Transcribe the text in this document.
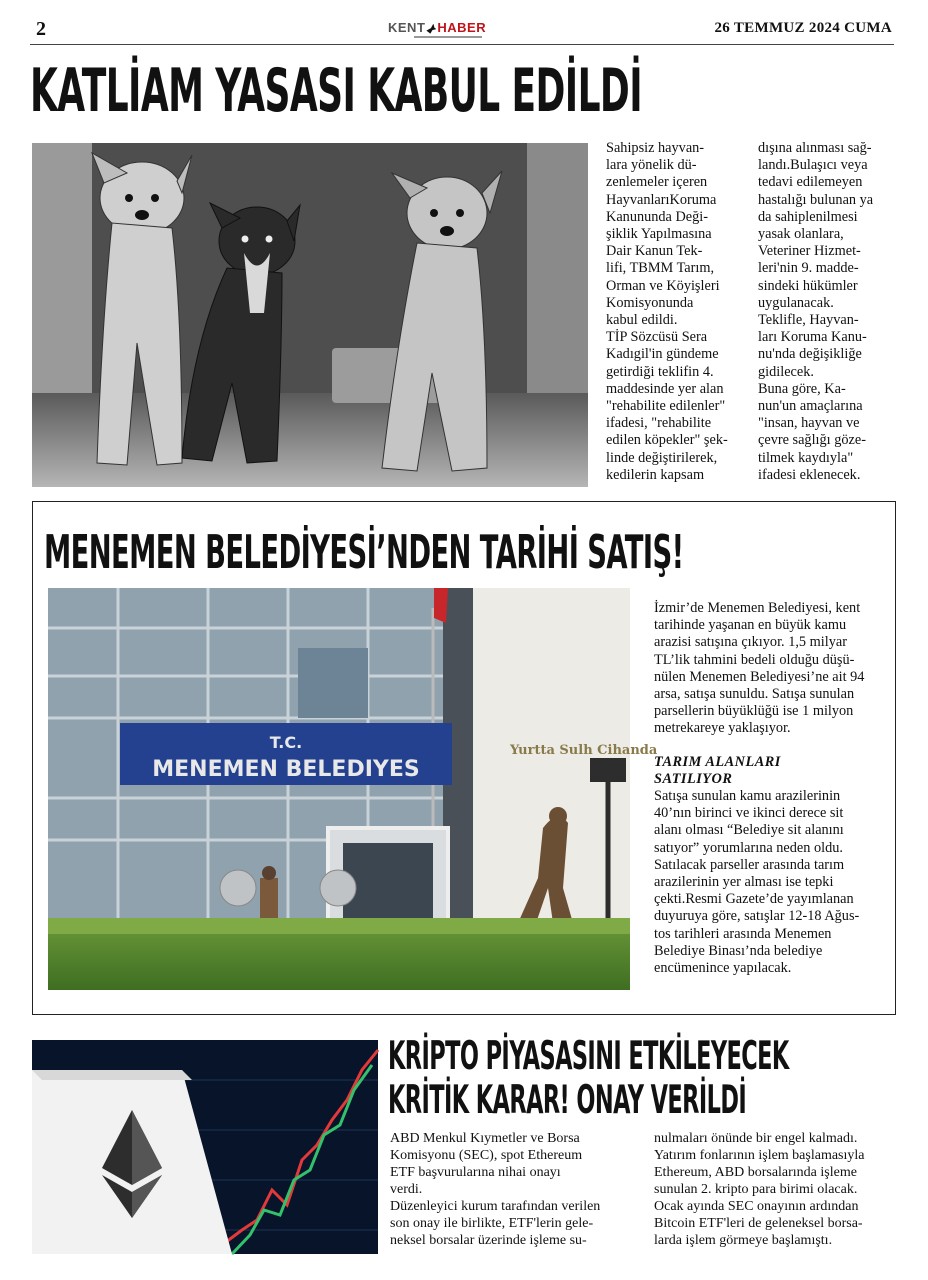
2	KENT HABER	26 TEMMUZ 2024 CUMA
KATLİAM YASASI KABUL EDİLDİ

Sahipsiz hayvan-

lara yönelik dü-

zenlemeler içeren

HayvanlarıKoruma

Kanununda Deği-

şiklik Yapılmasına

Dair Kanun Tek-

lifi, TBMM Tarım,

Orman ve Köyişleri

Komisyonunda

kabul edildi.

TİP Sözcüsü Sera

Kadıgil'in gündeme

getirdiği teklifin 4.

maddesinde yer alan

"rehabilite edilenler"

ifadesi, "rehabilite

edilen köpekler" şek-

linde değiştirilerek,

kedilerin kapsam

dışına alınması sağ-

landı.Bulaşıcı veya

tedavi edilemeyen

hastalığı bulunan ya

da sahiplenilmesi

yasak olanlara,

Veteriner Hizmet-

leri'nin 9. madde-

sindeki hükümler

uygulanacak.

Teklifle, Hayvan-

ları Koruma Kanu-

nu'nda değişikliğe

gidilecek.

Buna göre, Ka-

nun'un amaçlarına

"insan, hayvan ve

çevre sağlığı göze-

tilmek kaydıyla"

ifadesi eklenecek.

MENEMEN BELEDİYESİ’NDEN TARİHİ SATIŞ!
T.C.
MENEMEN BELEDIYES
Yurtta Sulh Cihanda

İzmir’de Menemen Belediyesi, kent

tarihinde yaşanan en büyük kamu

arazisi satışına çıkıyor. 1,5 milyar

TL’lik tahmini bedeli olduğu düşü-

nülen Menemen Belediyesi’ne ait 94

arsa, satışa sunuldu. Satışa sunulan

parsellerin büyüklüğü ise 1 milyon

metrekareye yaklaşıyor.

TARIM ALANLARI

SATILIYOR

Satışa sunulan kamu arazilerinin

40’nın birinci ve ikinci derece sit

alanı olması “Belediye sit alanını

satıyor” yorumlarına neden oldu.

Satılacak parseller arasında tarım

arazilerinin yer alması ise tepki

çekti.Resmi Gazete’de yayımlanan

duyuruya göre, satışlar 12-18 Ağus-

tos tarihleri arasında Menemen

Belediye Binası’nda belediye

encümenince yapılacak.

KRİPTO PİYASASINI ETKİLEYECEK
KRİTİK KARAR! ONAY VERİLDİ

ABD Menkul Kıymetler ve Borsa

Komisyonu (SEC), spot Ethereum

ETF başvurularına nihai onayı

verdi.

Düzenleyici kurum tarafından verilen

son onay ile birlikte, ETF'lerin gele-

neksel borsalar üzerinde işleme su-

nulmaları önünde bir engel kalmadı.

Yatırım fonlarının işlem başlamasıyla

Ethereum, ABD borsalarında işleme

sunulan 2. kripto para birimi olacak.

Ocak ayında SEC onayının ardından

Bitcoin ETF'leri de geleneksel borsa-

larda işlem görmeye başlamıştı.
